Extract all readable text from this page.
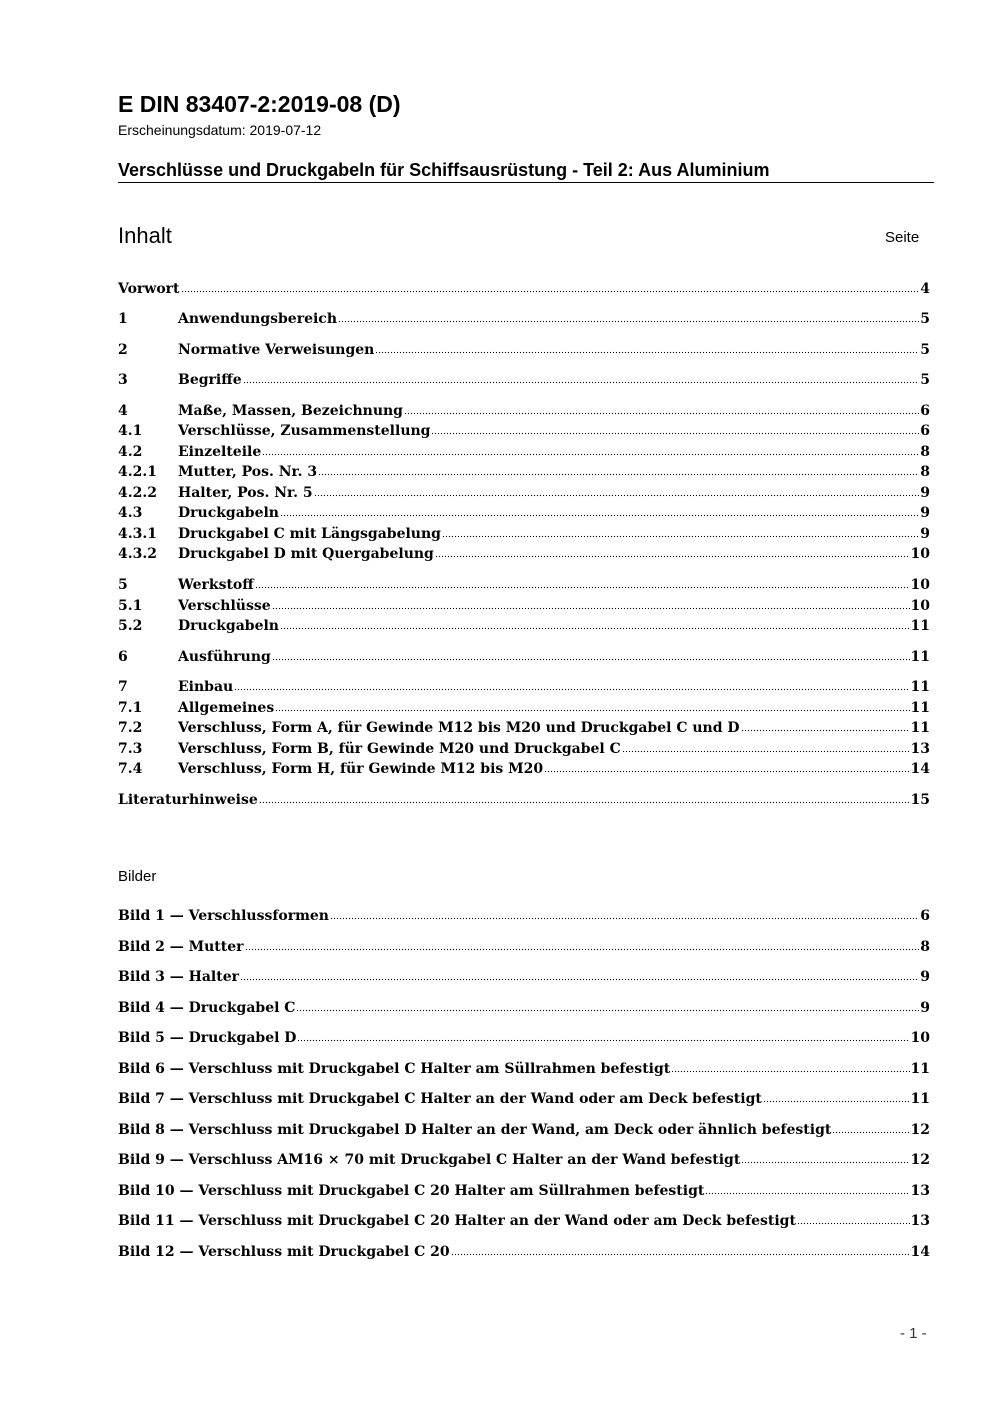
E DIN 83407-2:2019-08 (D)
Erscheinungsdatum: 2019-07-12
Verschlüsse und Druckgabeln für Schiffsausrüstung - Teil 2: Aus Aluminium
Inhalt	Seite
Vorwort	4
1	Anwendungsbereich	5
2	Normative Verweisungen	5
3	Begriffe	5
4	Maße, Massen, Bezeichnung	6
4.1	Verschlüsse, Zusammenstellung	6
4.2	Einzelteile	8
4.2.1	Mutter, Pos. Nr. 3	8
4.2.2	Halter, Pos. Nr. 5	9
4.3	Druckgabeln	9
4.3.1	Druckgabel C mit Längsgabelung	9
4.3.2	Druckgabel D mit Quergabelung	10
5	Werkstoff	10
5.1	Verschlüsse	10
5.2	Druckgabeln	11
6	Ausführung	11
7	Einbau	11
7.1	Allgemeines	11
7.2	Verschluss, Form A, für Gewinde M12 bis M20 und Druckgabel C und D	11
7.3	Verschluss, Form B, für Gewinde M20 und Druckgabel C	13
7.4	Verschluss, Form H, für Gewinde M12 bis M20	14
Literaturhinweise	15
Bilder
Bild 1 — Verschlussformen	6
Bild 2 — Mutter	8
Bild 3 — Halter	9
Bild 4 — Druckgabel C	9
Bild 5 — Druckgabel D	10
Bild 6 — Verschluss mit Druckgabel C Halter am Süllrahmen befestigt	11
Bild 7 — Verschluss mit Druckgabel C Halter an der Wand oder am Deck befestigt	11
Bild 8 — Verschluss mit Druckgabel D Halter an der Wand, am Deck oder ähnlich befestigt	12
Bild 9 — Verschluss AM16 × 70 mit Druckgabel C Halter an der Wand befestigt	12
Bild 10 — Verschluss mit Druckgabel C 20 Halter am Süllrahmen befestigt	13
Bild 11 — Verschluss mit Druckgabel C 20 Halter an der Wand oder am Deck befestigt	13
Bild 12 — Verschluss mit Druckgabel C 20	14
- 1 -
